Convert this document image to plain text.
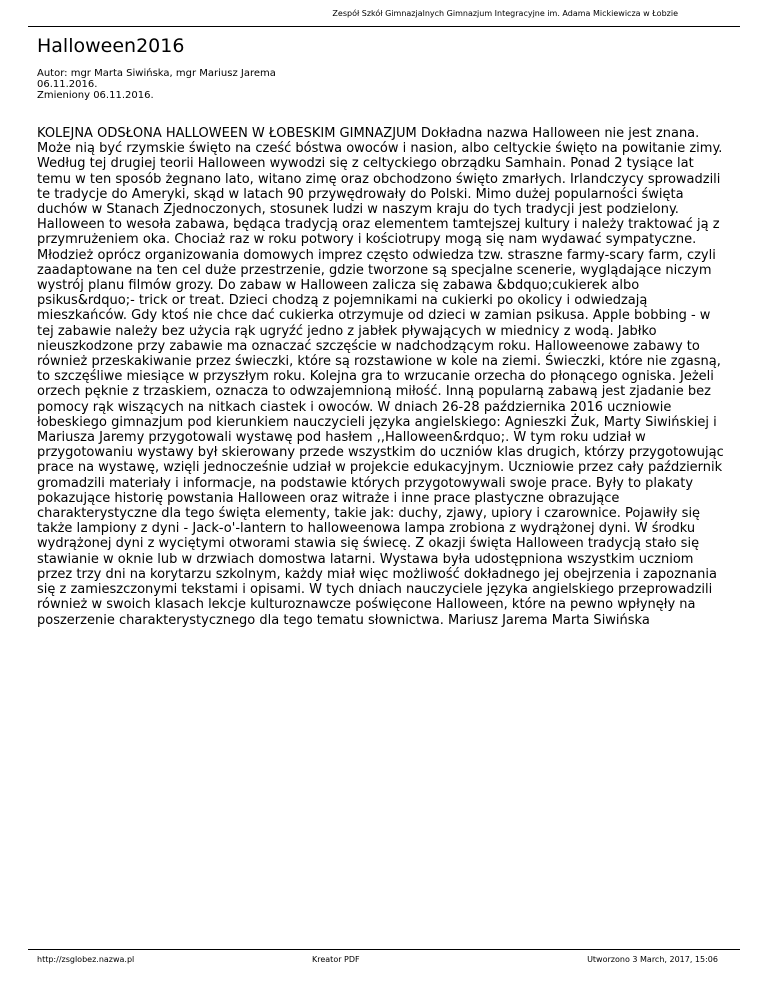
Zespół Szkół Gimnazjalnych Gimnazjum Integracyjne im. Adama Mickiewicza w Łobzie
Halloween2016
Autor: mgr Marta Siwińska, mgr Mariusz Jarema
06.11.2016.
Zmieniony 06.11.2016.

KOLEJNA ODSŁONA HALLOWEEN W ŁOBESKIM GIMNAZJUM Dokładna nazwa Halloween nie jest znana.
Może nią być rzymskie święto na cześć bóstwa owoców i nasion, albo celtyckie święto na powitanie zimy.
Według tej drugiej teorii Halloween wywodzi się z celtyckiego obrządku Samhain. Ponad 2 tysiące lat
temu w ten sposób żegnano lato, witano zimę oraz obchodzono święto zmarłych. Irlandczycy sprowadzili
te tradycje do Ameryki, skąd w latach 90 przywędrowały do Polski. Mimo dużej popularności święta
duchów w Stanach Zjednoczonych, stosunek ludzi w naszym kraju do tych tradycji jest podzielony.
Halloween to wesoła zabawa, będąca tradycją oraz elementem tamtejszej kultury i należy traktować ją z
przymrużeniem oka. Chociaż raz w roku potwory i kościotrupy mogą się nam wydawać sympatyczne.
Młodzież oprócz organizowania domowych imprez często odwiedza tzw. straszne farmy-scary farm, czyli
zaadaptowane na ten cel duże przestrzenie, gdzie tworzone są specjalne scenerie, wyglądające niczym
wystrój planu filmów grozy. Do zabaw w Halloween zalicza się zabawa &bdquo;cukierek albo
psikus&rdquo;- trick or treat. Dzieci chodzą z pojemnikami na cukierki po okolicy i odwiedzają
mieszkańców. Gdy ktoś nie chce dać cukierka otrzymuje od dzieci w zamian psikusa. Apple bobbing - w
tej zabawie należy bez użycia rąk ugryźć jedno z jabłek pływających w miednicy z wodą. Jabłko
nieuszkodzone przy zabawie ma oznaczać szczęście w nadchodzącym roku. Halloweenowe zabawy to
również przeskakiwanie przez świeczki, które są rozstawione w kole na ziemi. Świeczki, które nie zgasną,
to szczęśliwe miesiące w przyszłym roku. Kolejna gra to wrzucanie orzecha do płonącego ogniska. Jeżeli
orzech pęknie z trzaskiem, oznacza to odwzajemnioną miłość. Inną popularną zabawą jest zjadanie bez
pomocy rąk wiszących na nitkach ciastek i owoców. W dniach 26-28 października 2016 uczniowie
łobeskiego gimnazjum pod kierunkiem nauczycieli języka angielskiego: Agnieszki Żuk, Marty Siwińskiej i
Mariusza Jaremy przygotowali wystawę pod hasłem ,,Halloween&rdquo;. W tym roku udział w
przygotowaniu wystawy był skierowany przede wszystkim do uczniów klas drugich, którzy przygotowując
prace na wystawę, wzięli jednocześnie udział w projekcie edukacyjnym. Uczniowie przez cały październik
gromadzili materiały i informacje, na podstawie których przygotowywali swoje prace. Były to plakaty
pokazujące historię powstania Halloween oraz witraże i inne prace plastyczne obrazujące
charakterystyczne dla tego święta elementy, takie jak: duchy, zjawy, upiory i czarownice. Pojawiły się
także lampiony z dyni - Jack-o'-lantern to halloweenowa lampa zrobiona z wydrążonej dyni. W środku
wydrążonej dyni z wyciętymi otworami stawia się świecę. Z okazji święta Halloween tradycją stało się
stawianie w oknie lub w drzwiach domostwa latarni. Wystawa była udostępniona wszystkim uczniom
przez trzy dni na korytarzu szkolnym, każdy miał więc możliwość dokładnego jej obejrzenia i zapoznania
się z zamieszczonymi tekstami i opisami. W tych dniach nauczyciele języka angielskiego przeprowadzili
również w swoich klasach lekcje kulturoznawcze poświęcone Halloween, które na pewno wpłynęły na
poszerzenie charakterystycznego dla tego tematu słownictwa. Mariusz Jarema Marta Siwińska

http://zsglobez.nazwa.pl	Kreator PDF	Utworzono 3 March, 2017, 15:06
